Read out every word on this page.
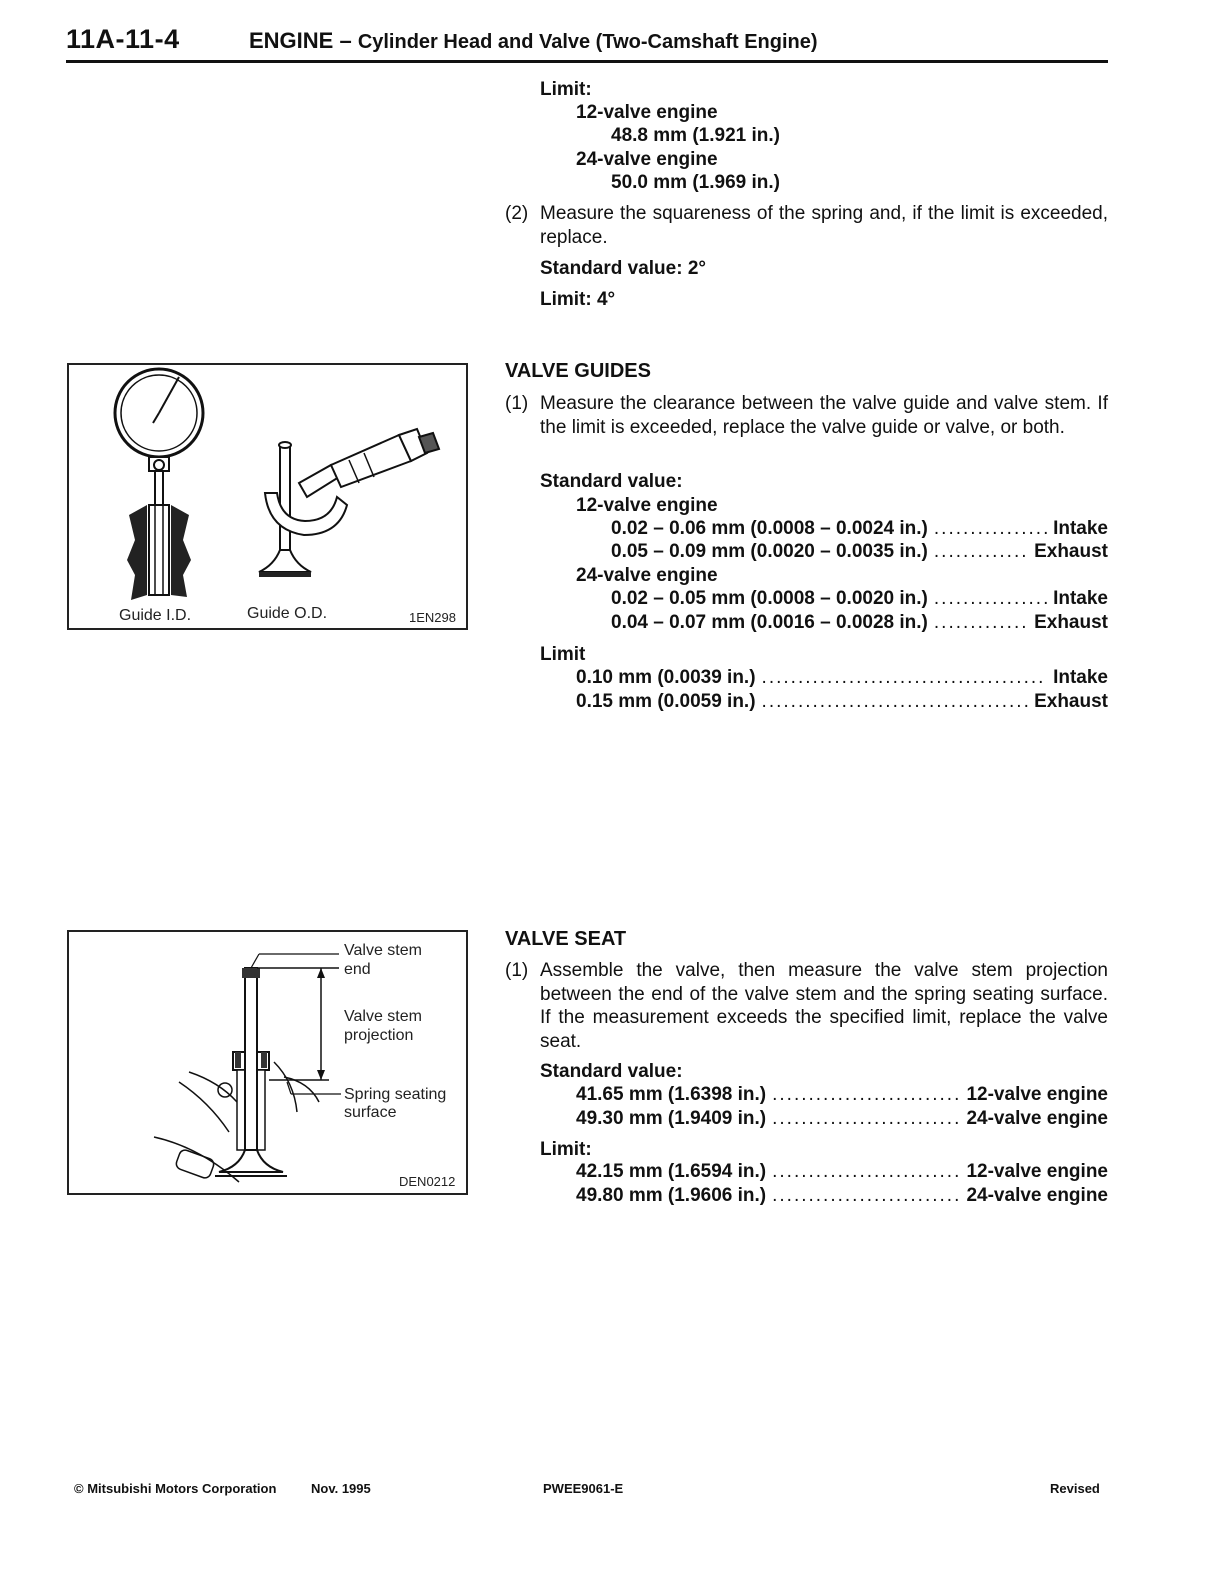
11A-11-4	ENGINE – Cylinder Head and Valve (Two-Camshaft Engine)
Limit:
12-valve engine
48.8 mm (1.921 in.)
24-valve engine
50.0 mm (1.969 in.)
(2) Measure the squareness of the spring and, if the limit is exceeded, replace.
Standard value: 2°
Limit: 4°
Guide I.D.	Guide O.D.	1EN298
VALVE GUIDES
(1) Measure the clearance between the valve guide and valve stem. If the limit is exceeded, replace the valve guide or valve, or both.
Standard value:
12-valve engine
0.02 – 0.06 mm (0.0008 – 0.0024 in.) .....	Intake
0.05 – 0.09 mm (0.0020 – 0.0035 in.) .....	Exhaust
24-valve engine
0.02 – 0.05 mm (0.0008 – 0.0020 in.) .....	Intake
0.04 – 0.07 mm (0.0016 – 0.0028 in.) .....	Exhaust
Limit
0.10 mm (0.0039 in.) .....	Intake
0.15 mm (0.0059 in.) .....	Exhaust
Valve stem
end
Valve stem
projection
Spring seating
surface
DEN0212
VALVE SEAT
(1) Assemble the valve, then measure the valve stem projection between the end of the valve stem and the spring seating surface. If the measurement exceeds the specified limit, replace the valve seat.
Standard value:
41.65 mm (1.6398 in.) .....	12-valve engine
49.30 mm (1.9409 in.) .....	24-valve engine
Limit:
42.15 mm (1.6594 in.) .....	12-valve engine
49.80 mm (1.9606 in.) .....	24-valve engine
© Mitsubishi Motors Corporation	Nov. 1995	PWEE9061-E	Revised
